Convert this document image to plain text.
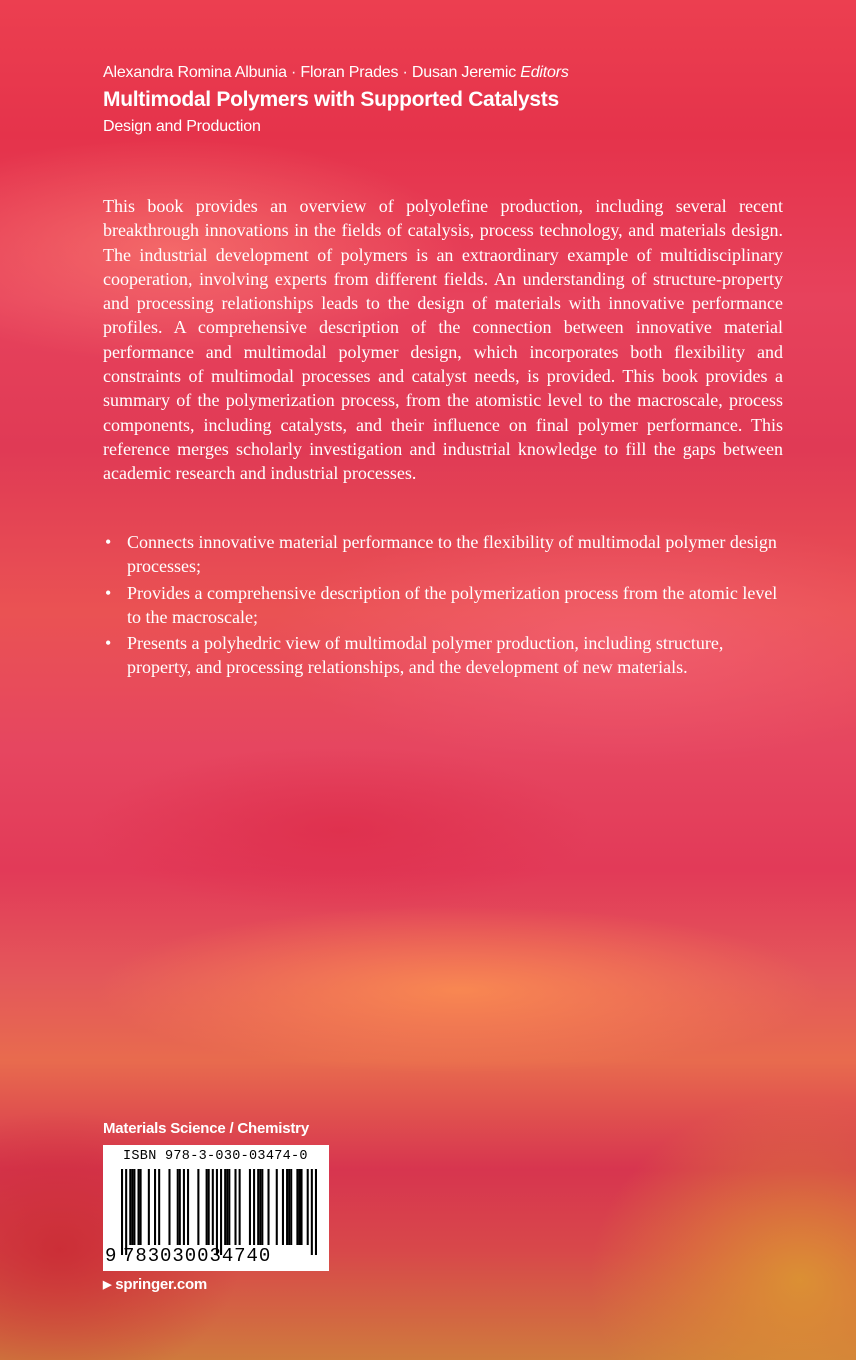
Alexandra Romina Albunia · Floran Prades · Dusan Jeremic Editors
Multimodal Polymers with Supported Catalysts
Design and Production

This book provides an overview of polyolefine production, including several recent breakthrough innovations in the fields of catalysis, process technology, and materials design. The industrial development of polymers is an extraordinary example of multidisciplinary cooperation, involving experts from different fields. An understanding of structure-property and processing relationships leads to the design of materials with innovative performance profiles. A comprehensive description of the connection between innovative material performance and multimodal polymer design, which incorporates both flexibility and constraints of multimodal processes and catalyst needs, is provided. This book provides a summary of the polymerization process, from the atomistic level to the macroscale, process components, including catalysts, and their influence on final polymer performance. This reference merges scholarly investigation and industrial knowledge to fill the gaps between academic research and industrial processes.

• Connects innovative material performance to the flexibility of multimodal polymer design processes;
• Provides a comprehensive description of the polymerization process from the atomic level to the macroscale;
• Presents a polyhedric view of multimodal polymer production, including structure, property, and processing relationships, and the development of new materials.
Materials Science / Chemistry
ISBN 978-3-030-03474-0
9 783030034740
▶ springer.com
